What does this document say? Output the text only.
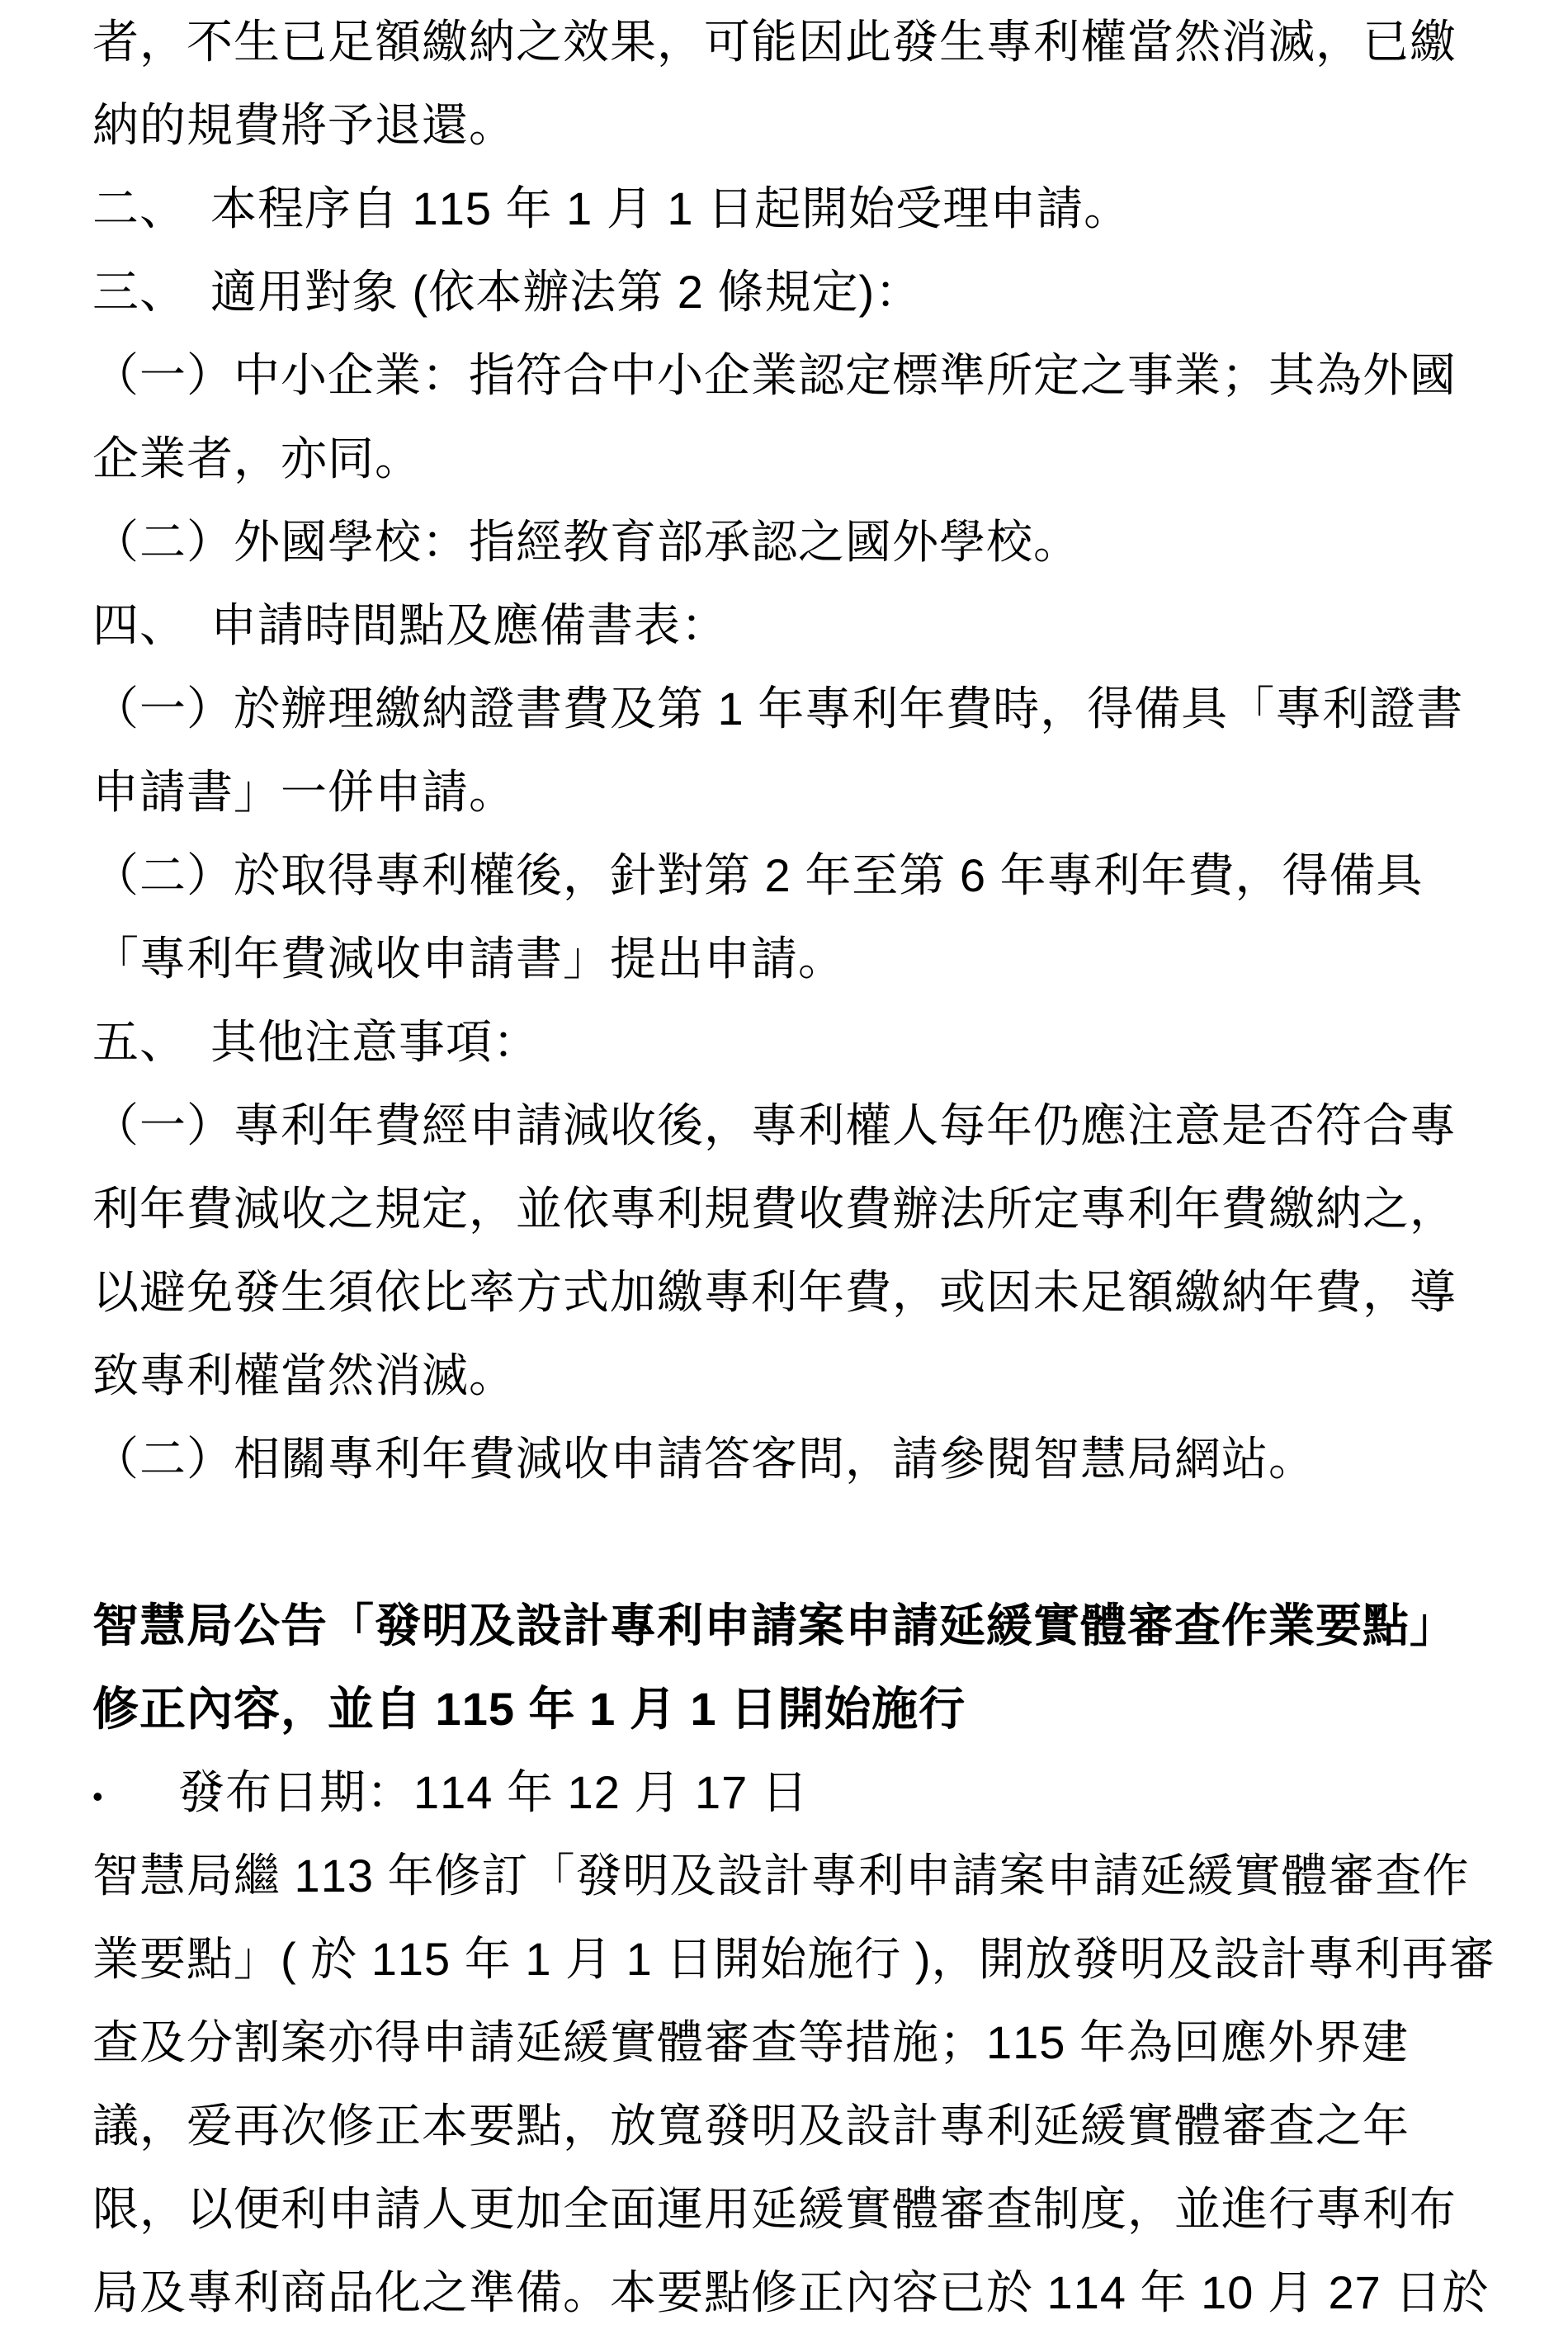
者，不生已足額繳納之效果，可能因此發生專利權當然消滅，已繳
納的規費將予退還。
二、　本程序自 115 年 1 月 1 日起開始受理申請。
三、　適用對象 (依本辦法第 2 條規定)：
（一）中小企業：指符合中小企業認定標準所定之事業；其為外國
企業者，亦同。
（二）外國學校：指經教育部承認之國外學校。
四、　申請時間點及應備書表：
（一）於辦理繳納證書費及第 1 年專利年費時，得備具「專利證書
申請書」一併申請。
（二）於取得專利權後，針對第 2 年至第 6 年專利年費，得備具
「專利年費減收申請書」提出申請。
五、　其他注意事項：
（一）專利年費經申請減收後，專利權人每年仍應注意是否符合專
利年費減收之規定，並依專利規費收費辦法所定專利年費繳納之，
以避免發生須依比率方式加繳專利年費，或因未足額繳納年費，導
致專利權當然消滅。
（二）相關專利年費減收申請答客問，請參閱智慧局網站。
智慧局公告「發明及設計專利申請案申請延緩實體審查作業要點」
修正內容，並自 115 年 1 月 1 日開始施行
• 發布日期：114 年 12 月 17 日
智慧局繼 113 年修訂「發明及設計專利申請案申請延緩實體審查作
業要點」( 於 115 年 1 月 1 日開始施行 )，開放發明及設計專利再審
查及分割案亦得申請延緩實體審查等措施；115 年為回應外界建
議，爱再次修正本要點，放寬發明及設計專利延緩實體審查之年
限，以便利申請人更加全面運用延緩實體審查制度，並進行專利布
局及專利商品化之準備。本要點修正內容已於 114 年 10 月 27 日於
